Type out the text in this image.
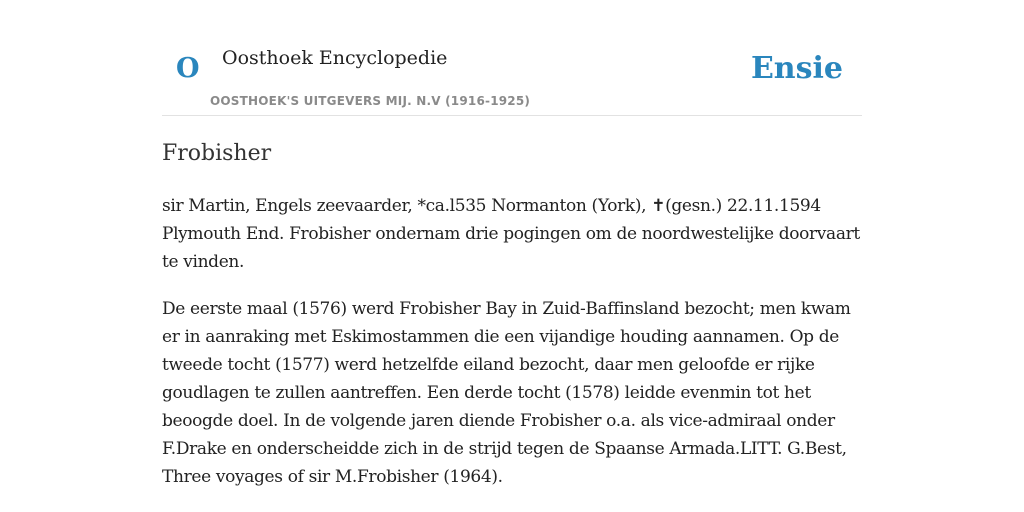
O Oosthoek Encyclopedie
OOSTHOEK'S UITGEVERS MIJ. N.V (1916-1925)
Ensie
Frobisher

sir Martin, Engels zeevaarder, *ca.l535 Normanton (York), ✝(gesn.) 22.11.1594 Plymouth End. Frobisher ondernam drie pogingen om de noordwestelijke doorvaart te vinden.

De eerste maal (1576) werd Frobisher Bay in Zuid-Baffinsland bezocht; men kwam er in aanraking met Eskimostammen die een vijandige houding aannamen. Op de tweede tocht (1577) werd hetzelfde eiland bezocht, daar men geloofde er rijke goudlagen te zullen aantreffen. Een derde tocht (1578) leidde evenmin tot het beoogde doel. In de volgende jaren diende Frobisher o.a. als vice-admiraal onder F.Drake en onderscheidde zich in de strijd tegen de Spaanse Armada.LITT. G.Best, Three voyages of sir M.Frobisher (1964).
